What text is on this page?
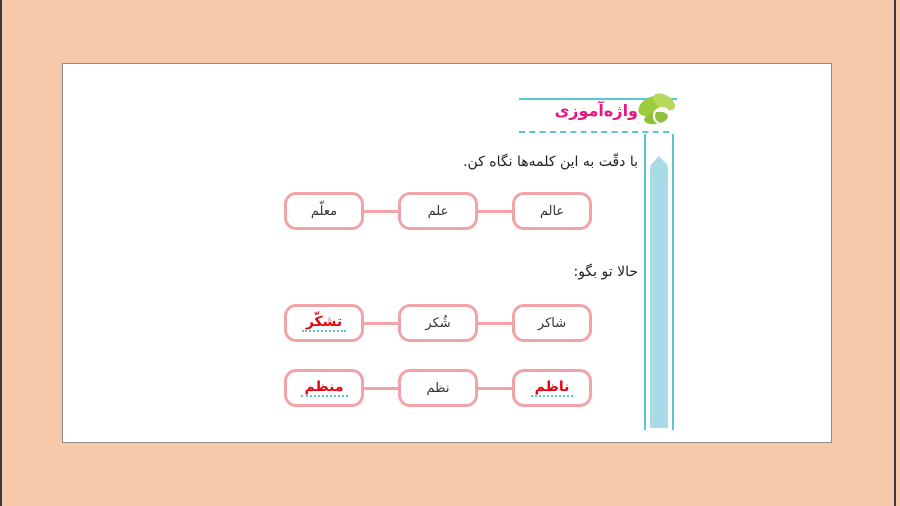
واژه‌آموزی
با دقّت به این کلمه‌ها نگاه کن.
حالا تو بگو:
عالم
علم
معلّم
شاکر
شُکر
تشکّر
ناظم
نظم
منظم
